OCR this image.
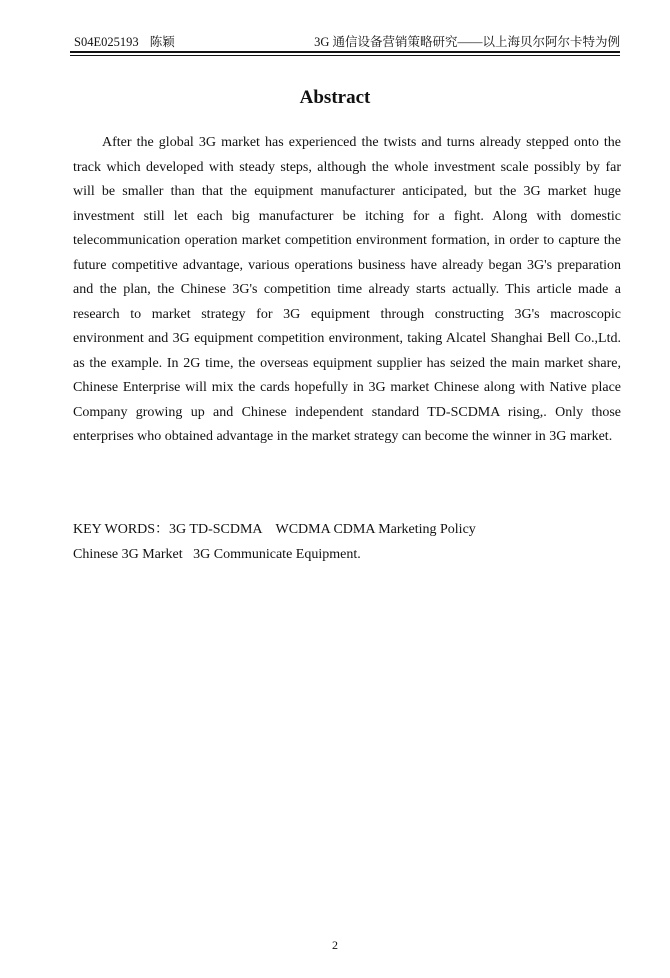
S04E025193 陈颖	3G 通信设备营销策略研究——以上海贝尔阿尔卡特为例
Abstract

After the global 3G market has experienced the twists and turns already stepped onto the track which developed with steady steps, although the whole investment scale possibly by far will be smaller than that the equipment manufacturer anticipated, but the 3G market huge investment still let each big manufacturer be itching for a fight. Along with domestic telecommunication operation market competition environment formation, in order to capture the future competitive advantage, various operations business have already began 3G's preparation and the plan, the Chinese 3G's competition time already starts actually. This article made a research to market strategy for 3G equipment through constructing 3G's macroscopic environment and 3G equipment competition environment, taking Alcatel Shanghai Bell Co.,Ltd. as the example. In 2G time, the overseas equipment supplier has seized the main market share, Chinese Enterprise will mix the cards hopefully in 3G market Chinese along with Native place Company growing up and Chinese independent standard TD-SCDMA rising,. Only those enterprises who obtained advantage in the market strategy can become the winner in 3G market.

KEY WORDS：3G TD-SCDMA    WCDMA CDMA Marketing Policy
Chinese 3G Market   3G Communicate Equipment.
2
